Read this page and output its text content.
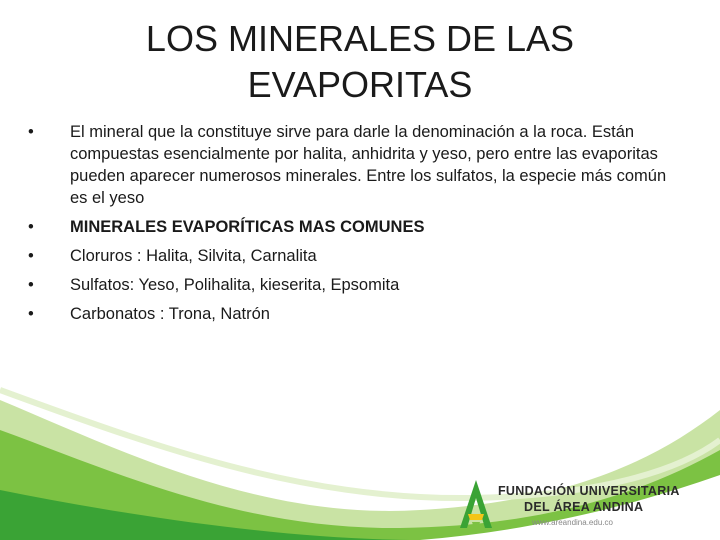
LOS MINERALES DE LAS
EVAPORITAS
•	El mineral que la constituye sirve para darle la denominación a la roca. Están compuestas esencialmente por halita, anhidrita y yeso, pero entre las evaporitas pueden aparecer numerosos minerales. Entre los sulfatos, la especie más común es el yeso
•	MINERALES EVAPORÍTICAS MAS COMUNES
•	Cloruros : Halita, Silvita, Carnalita
•	Sulfatos: Yeso, Polihalita, kieserita, Epsomita
•	Carbonatos : Trona, Natrón
FUNDACIÓN UNIVERSITARIA
DEL ÁREA ANDINA
www.areandina.edu.co
